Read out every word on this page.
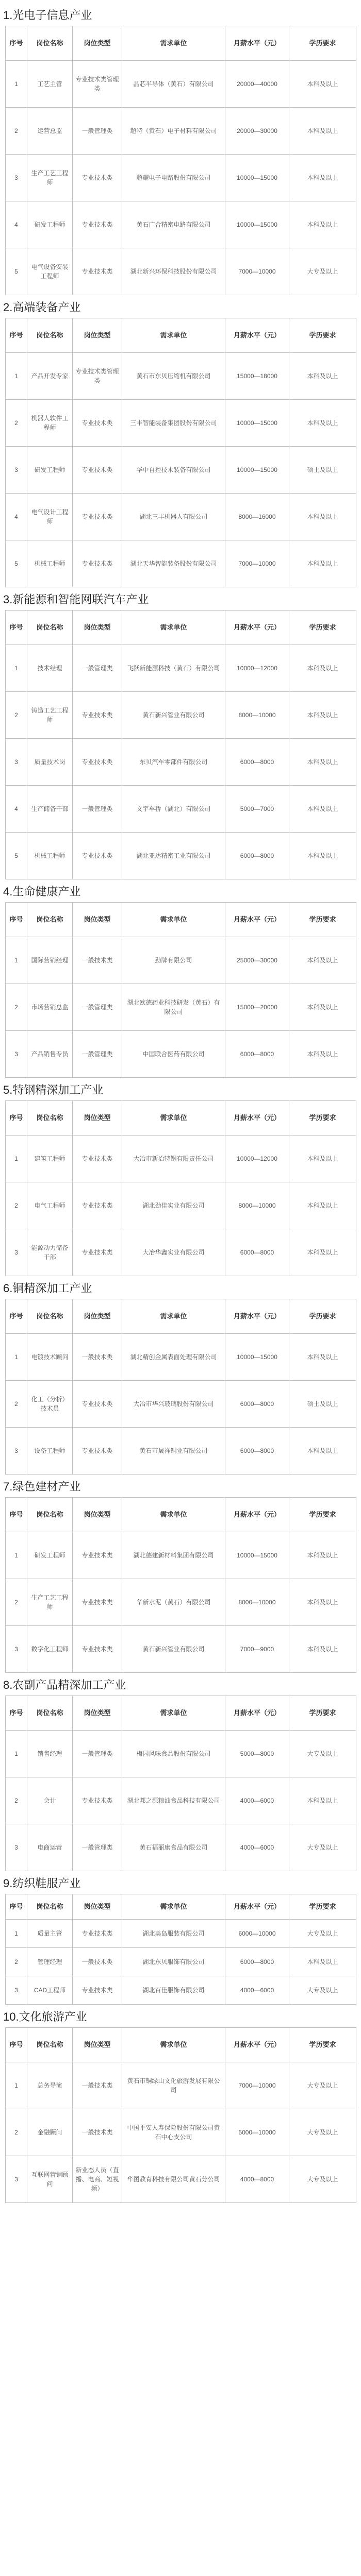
1.光电子信息产业
序号	岗位名称	岗位类型	需求单位	月薪水平（元）	学历要求
1	工艺主管	专业技术类管理类	晶芯半导体（黄石）有限公司	20000—40000	本科及以上
2	运营总监	一般管理类	超特（黄石）电子材料有限公司	20000—30000	本科及以上
3	生产工艺工程师	专业技术类	超耀电子电路股份有限公司	10000—15000	本科及以上
4	研发工程师	专业技术类	黄石广合精密电路有限公司	10000—15000	本科及以上
5	电气设备安装工程师	专业技术类	湖北新兴环保科技股份有限公司	7000—10000	大专及以上
2.高端装备产业
序号	岗位名称	岗位类型	需求单位	月薪水平（元）	学历要求
1	产品开发专家	专业技术类管理类	黄石市东贝压缩机有限公司	15000—18000	本科及以上
2	机器人软件工程师	专业技术类	三丰智能装备集团股份有限公司	10000—15000	本科及以上
3	研发工程师	专业技术类	华中自控技术装备有限公司	10000—15000	硕士及以上
4	电气设计工程师	专业技术类	湖北三丰机器人有限公司	8000—16000	本科及以上
5	机械工程师	专业技术类	湖北天华智能装备股份有限公司	7000—10000	本科及以上
3.新能源和智能网联汽车产业
序号	岗位名称	岗位类型	需求单位	月薪水平（元）	学历要求
1	技术经理	一般管理类	飞跃新能源科技（黄石）有限公司	10000—12000	本科及以上
2	铸造工艺工程师	专业技术类	黄石新兴管业有限公司	8000—10000	本科及以上
3	质量技术岗	专业技术类	东贝汽车零部件有限公司	6000—8000	本科及以上
4	生产储备干部	一般管理类	文宇车桥（湖北）有限公司	5000—7000	本科及以上
5	机械工程师	专业技术类	湖北亚达精密工业有限公司	6000—8000	本科及以上
4.生命健康产业
序号	岗位名称	岗位类型	需求单位	月薪水平（元）	学历要求
1	国际营销经理	一般技术类	劲牌有限公司	25000—30000	本科及以上
2	市场营销总监	一般管理类	湖北欧德药业科技研发（黄石）有限公司	15000—20000	本科及以上
3	产品销售专员	一般管理类	中国联合医药有限公司	6000—8000	本科及以上
5.特钢精深加工产业
序号	岗位名称	岗位类型	需求单位	月薪水平（元）	学历要求
1	建筑工程师	专业技术类	大冶市新冶特钢有限责任公司	10000—12000	本科及以上
2	电气工程师	专业技术类	湖北劲佳实业有限公司	8000—10000	本科及以上
3	能源动力储备干部	专业技术类	大冶华鑫实业有限公司	6000—8000	本科及以上
6.铜精深加工产业
序号	岗位名称	岗位类型	需求单位	月薪水平（元）	学历要求
1	电镀技术顾问	一般技术类	湖北精创金属表面处理有限公司	10000—15000	本科及以上
2	化工（分析）技术员	专业技术类	大冶市华兴玻璃股份有限公司	6000—8000	硕士及以上
3	设备工程师	专业技术类	黄石市晟祥铜业有限公司	6000—8000	本科及以上
7.绿色建材产业
序号	岗位名称	岗位类型	需求单位	月薪水平（元）	学历要求
1	研发工程师	专业技术类	湖北德建新材料集团有限公司	10000—15000	本科及以上
2	生产工艺工程师	专业技术类	华新水泥（黄石）有限公司	8000—10000	本科及以上
3	数字化工程师	专业技术类	黄石新兴管业有限公司	7000—9000	本科及以上
8.农副产品精深加工产业
序号	岗位名称	岗位类型	需求单位	月薪水平（元）	学历要求
1	销售经理	一般管理类	梅园风味食品股份有限公司	5000—8000	大专及以上
2	会计	专业技术类	湖北邦之源粮油食品科技有限公司	4000—6000	本科及以上
3	电商运营	一般管理类	黄石福丽康食品有限公司	4000—6000	大专及以上
9.纺织鞋服产业
序号	岗位名称	岗位类型	需求单位	月薪水平（元）	学历要求
1	质量主管	专业技术类	湖北美岛服装有限公司	6000—10000	大专及以上
2	管理经理	一般技术类	湖北东贝服饰有限公司	6000—8000	本科及以上
3	CAD工程师	专业技术类	湖北百佳服饰有限公司	4000—6000	大专及以上
10.文化旅游产业
序号	岗位名称	岗位类型	需求单位	月薪水平（元）	学历要求
1	总务导演	一般技术类	黄石市铜绿山文化旅游发展有限公司	7000—10000	大专及以上
2	金融顾问	一般技术类	中国平安人寿保险股份有限公司黄石中心支公司	5000—10000	大专及以上
3	互联网营销顾问	新业态人员（直播、电商、短视频）	华图教育科技有限公司黄石分公司	4000—8000	大专及以上
